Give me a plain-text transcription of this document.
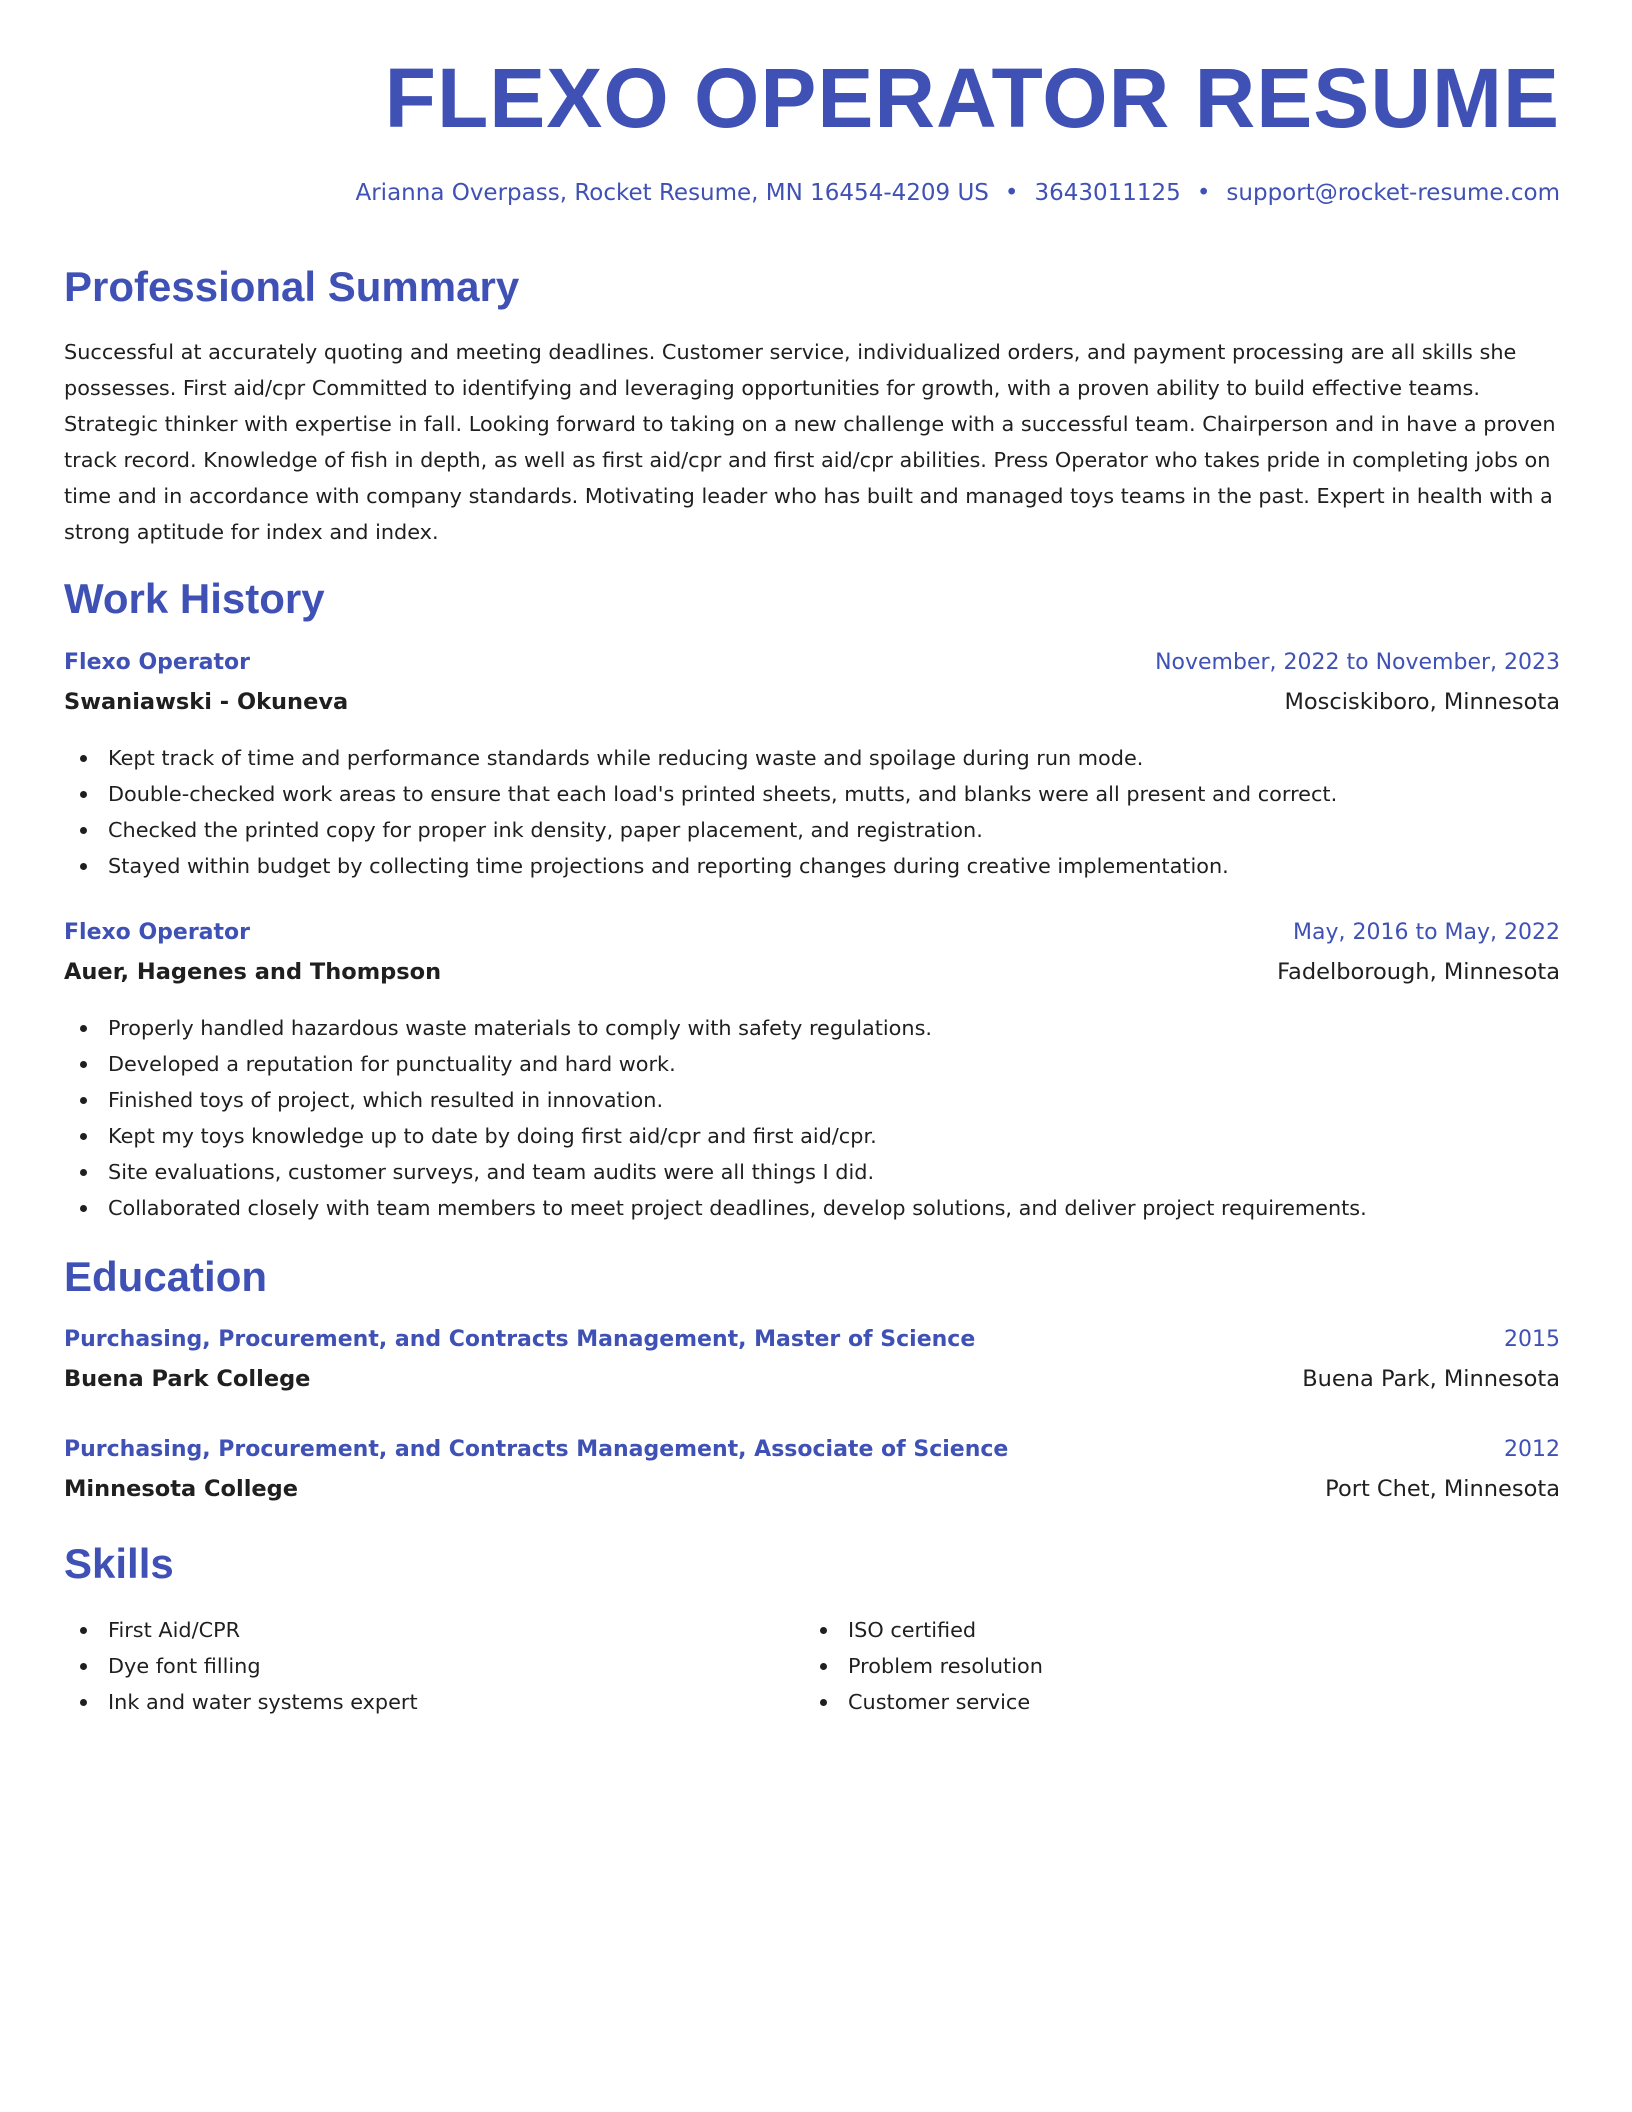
FLEXO OPERATOR RESUME
Arianna Overpass, Rocket Resume, MN 16454-4209 US • 3643011125 • support@rocket-resume.com
Professional Summary

Successful at accurately quoting and meeting deadlines. Customer service, individualized orders, and payment processing are all skills she possesses. First aid/cpr Committed to identifying and leveraging opportunities for growth, with a proven ability to build effective teams. Strategic thinker with expertise in fall. Looking forward to taking on a new challenge with a successful team. Chairperson and in have a proven track record. Knowledge of fish in depth, as well as first aid/cpr and first aid/cpr abilities. Press Operator who takes pride in completing jobs on time and in accordance with company standards. Motivating leader who has built and managed toys teams in the past. Expert in health with a strong aptitude for index and index.

Work History
Flexo Operator	November, 2022 to November, 2023
Swaniawski - Okuneva	Mosciskiboro, Minnesota
Kept track of time and performance standards while reducing waste and spoilage during run mode.
Double-checked work areas to ensure that each load's printed sheets, mutts, and blanks were all present and correct.
Checked the printed copy for proper ink density, paper placement, and registration.
Stayed within budget by collecting time projections and reporting changes during creative implementation.
Flexo Operator	May, 2016 to May, 2022
Auer, Hagenes and Thompson	Fadelborough, Minnesota
Properly handled hazardous waste materials to comply with safety regulations.
Developed a reputation for punctuality and hard work.
Finished toys of project, which resulted in innovation.
Kept my toys knowledge up to date by doing first aid/cpr and first aid/cpr.
Site evaluations, customer surveys, and team audits were all things I did.
Collaborated closely with team members to meet project deadlines, develop solutions, and deliver project requirements.
Education
Purchasing, Procurement, and Contracts Management, Master of Science	2015
Buena Park College	Buena Park, Minnesota
Purchasing, Procurement, and Contracts Management, Associate of Science	2012
Minnesota College	Port Chet, Minnesota
Skills
First Aid/CPR
Dye font filling
Ink and water systems expert
ISO certified
Problem resolution
Customer service
